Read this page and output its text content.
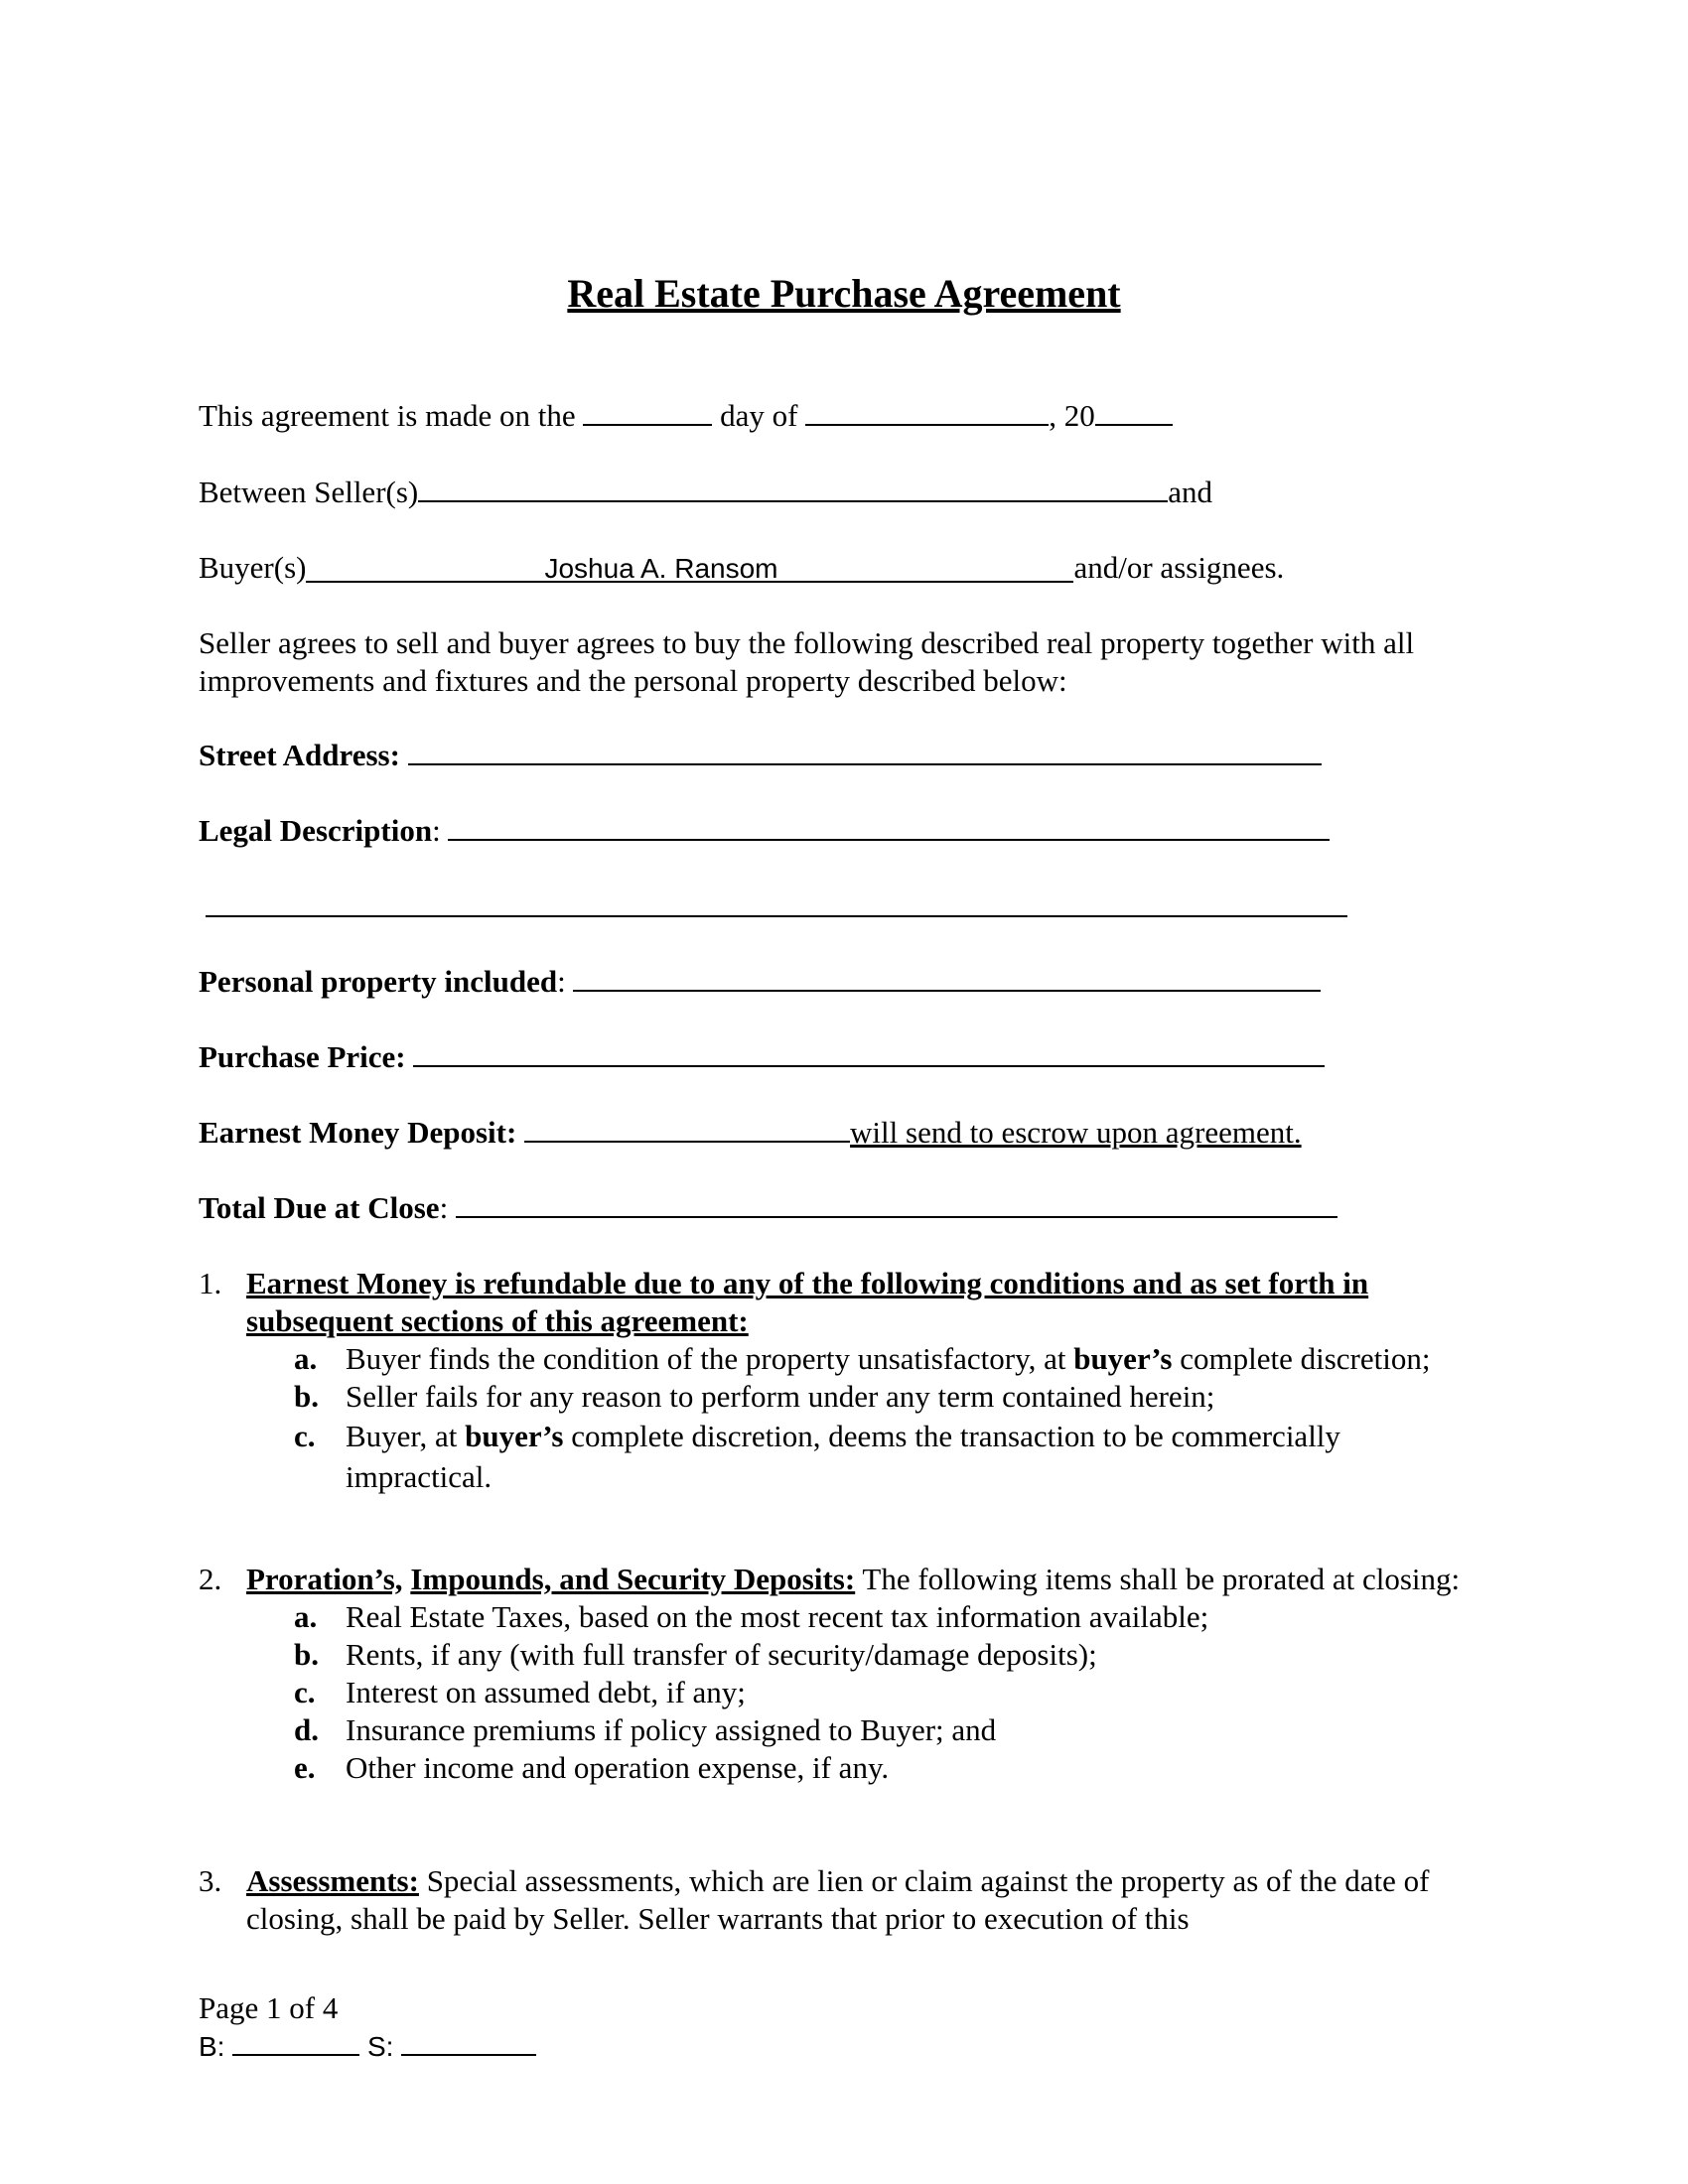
Real Estate Purchase Agreement
This agreement is made on the	day of	, 20
Between Seller(s)	and
Buyer(s)	Joshua A. Ransom	and/or assignees.
Seller agrees to sell and buyer agrees to buy the following described real property together with all improvements and fixtures and the personal property described below:
Street Address:
Legal Description:
Personal property included:
Purchase Price:
Earnest Money Deposit:	will send to escrow upon agreement.
Total Due at Close:
1. Earnest Money is refundable due to any of the following conditions and as set forth in subsequent sections of this agreement:
a. Buyer finds the condition of the property unsatisfactory, at buyer’s complete discretion;
b. Seller fails for any reason to perform under any term contained herein;
c. Buyer, at buyer’s complete discretion, deems the transaction to be commercially impractical.
2. Proration’s, Impounds, and Security Deposits: The following items shall be prorated at closing:
a. Real Estate Taxes, based on the most recent tax information available;
b. Rents, if any (with full transfer of security/damage deposits);
c. Interest on assumed debt, if any;
d. Insurance premiums if policy assigned to Buyer; and
e. Other income and operation expense, if any.
3. Assessments: Special assessments, which are lien or claim against the property as of the date of closing, shall be paid by Seller. Seller warrants that prior to execution of this
Page 1 of 4
B:	S:
